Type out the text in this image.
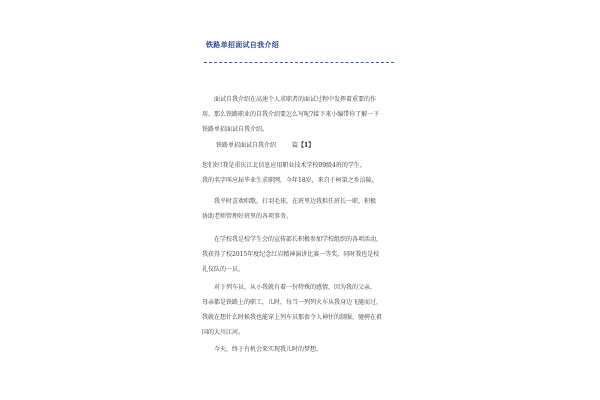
铁路单招面试自我介绍

面试自我介绍在高速个人求职者的面试过程中发挥着重要的作
用。那么铁路职业的自我介绍要怎么写呢?接下来小编带你了解一下
铁路单招面试自我介绍。

铁路单招面试自我介绍	篇【1】

您们好!我是重庆江北信息应用职业技术学校09级4班的学生，
我的名字叫应届毕业生求职网，今年18岁，来自于柯第之乡涪陵。

我平时喜欢唱歌，打羽毛球，在班里边我担任班长一职，积极
协助老师管理好班里的各项事务。

在学校我是校学生会的宣传部长积极参加学校组织的各项活动，
我获得了校2015年度纪念红岩精神演讲比赛一等奖，同时我也是校
礼仪队的一员。

对于列车员，从小我就有着一份特殊的感情，因为我的父亲，
母亲都是铁路上的职工，儿时，每当一列列火车从我身边飞驰而过，
我就在想什么时候我也能穿上列车员那套令人神往的制服，驰骋在祖
国的大川江河。

今天，终于有机会来实现我儿时的梦想。
